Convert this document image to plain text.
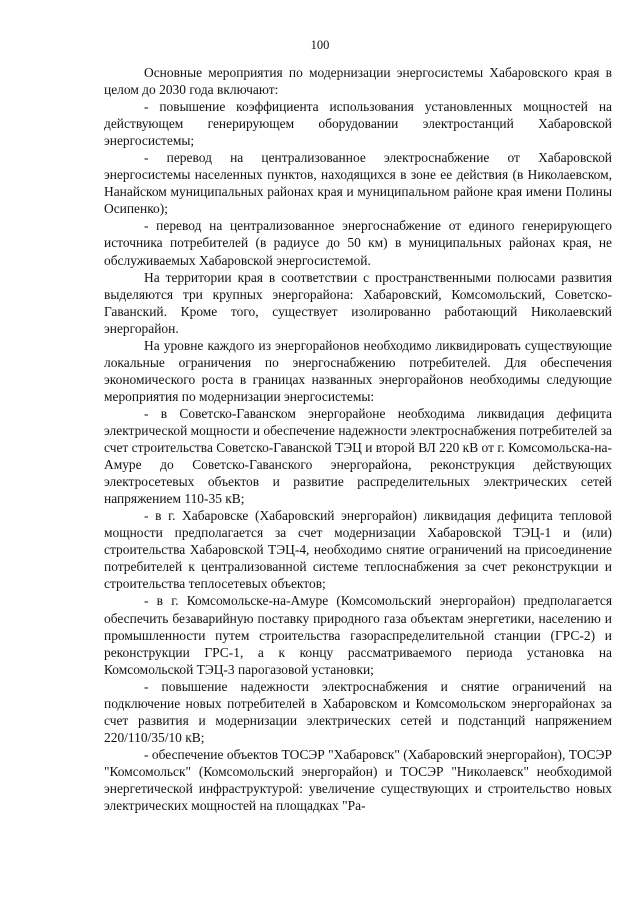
100

Основные мероприятия по модернизации энергосистемы Хабаровского края в целом до 2030 года включают:

- повышение коэффициента использования установленных мощностей на действующем генерирующем оборудовании электростанций Хабаровской энергосистемы;

- перевод на централизованное электроснабжение от Хабаровской энергосистемы населенных пунктов, находящихся в зоне ее действия (в Николаевском, Нанайском муниципальных районах края и муниципальном районе края имени Полины Осипенко);

- перевод на централизованное энергоснабжение от единого генерирующего источника потребителей (в радиусе до 50 км) в муниципальных районах края, не обслуживаемых Хабаровской энергосистемой.

На территории края в соответствии с пространственными полюсами развития выделяются три крупных энергорайона: Хабаровский, Комсомольский, Советско-Гаванский. Кроме того, существует изолированно работающий Николаевский энергорайон.

На уровне каждого из энергорайонов необходимо ликвидировать существующие локальные ограничения по энергоснабжению потребителей. Для обеспечения экономического роста в границах названных энергорайонов необходимы следующие мероприятия по модернизации энергосистемы:

- в Советско-Гаванском энергорайоне необходима ликвидация дефицита электрической мощности и обеспечение надежности электроснабжения потребителей за счет строительства Советско-Гаванской ТЭЦ и второй ВЛ 220 кВ от г. Комсомольска-на-Амуре до Советско-Гаванского энергорайона, реконструкция действующих электросетевых объектов и развитие распределительных электрических сетей напряжением 110-35 кВ;

- в г. Хабаровске (Хабаровский энергорайон) ликвидация дефицита тепловой мощности предполагается за счет модернизации Хабаровской ТЭЦ-1 и (или) строительства Хабаровской ТЭЦ-4, необходимо снятие ограничений на присоединение потребителей к централизованной системе теплоснабжения за счет реконструкции и строительства теплосетевых объектов;

- в г. Комсомольске-на-Амуре (Комсомольский энергорайон) предполагается обеспечить безаварийную поставку природного газа объектам энергетики, населению и промышленности путем строительства газораспределительной станции (ГРС-2) и реконструкции ГРС-1, а к концу рассматриваемого периода установка на Комсомольской ТЭЦ-3 парогазовой установки;

- повышение надежности электроснабжения и снятие ограничений на подключение новых потребителей в Хабаровском и Комсомольском энергорайонах за счет развития и модернизации электрических сетей и подстанций напряжением 220/110/35/10 кВ;

- обеспечение объектов ТОСЭР "Хабаровск" (Хабаровский энергорайон), ТОСЭР "Комсомольск" (Комсомольский энергорайон) и ТОСЭР "Николаевск" необходимой энергетической инфраструктурой: увеличение существующих и строительство новых электрических мощностей на площадках "Ра-
